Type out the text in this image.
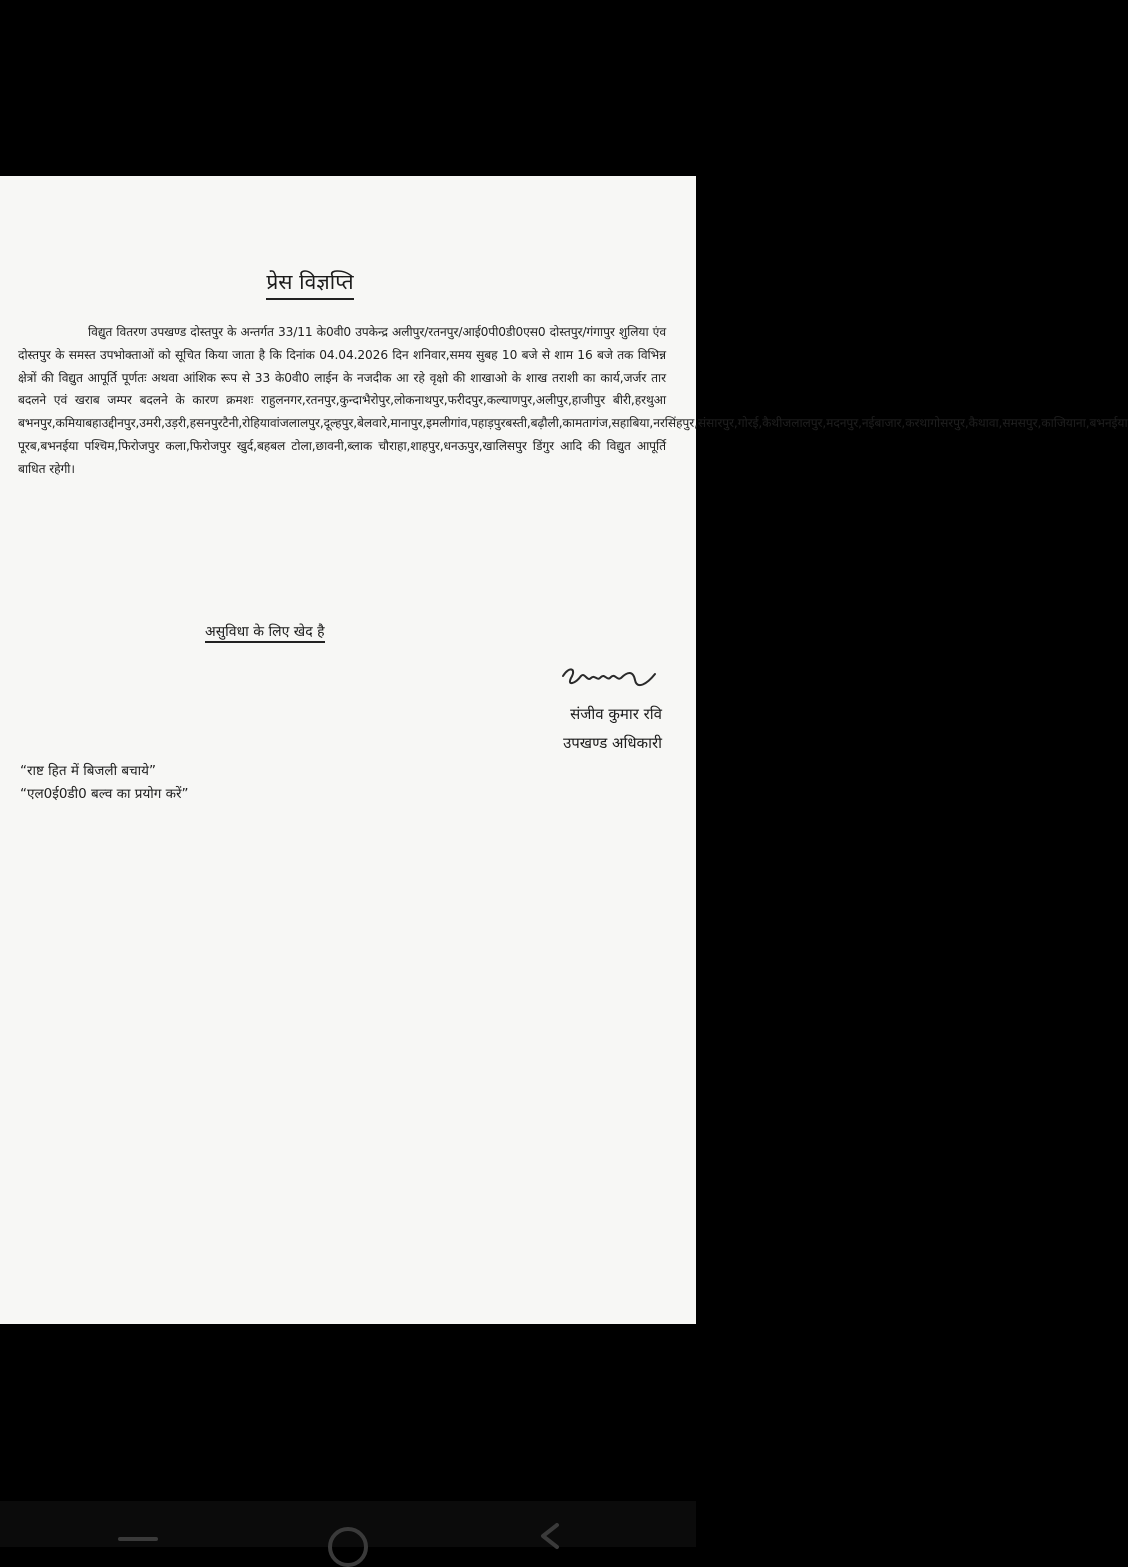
प्रेस विज्ञप्ति
विद्युत वितरण उपखण्ड दोस्तपुर के अन्तर्गत 33/11 के0वी0 उपकेन्द्र अलीपुर/रतनपुर/आई0पी0डी0एस0 दोस्तपुर/गंगापुर शुलिया एंव दोस्तपुर के समस्त उपभोक्ताओं को सूचित किया जाता है कि दिनांक 04.04.2026 दिन शनिवार,समय सुबह 10 बजे से शाम 16 बजे तक विभिन्न क्षेत्रों की विद्युत आपूर्ति पूर्णतः अथवा आंशिक रूप से 33 के0वी0 लाईन के नजदीक आ रहे वृक्षो की शाखाओ के शाख तराशी का कार्य,जर्जर तार बदलने एवं खराब जम्पर बदलने के कारण क्रमशः राहुलनगर,रतनपुर,कुन्दाभैरोपुर,लोकनाथपुर,फरीदपुर,कल्याणपुर,अलीपुर,हाजीपुर बीरी,हरथुआ बभनपुर,कमियाबहाउद्दीनपुर,उमरी,उड़री,हसनपुरटैनी,रोहियावांजलालपुर,दूल्हपुर,बेलवारे,मानापुर,इमलीगांव,पहाड़पुरबस्ती,बढ़ौली,कामतागंज,सहाबिया,नरसिंहपुर,संसारपुर,गोरई,कैथीजलालपुर,मदनपुर,नईबाजार,करथागोसरपुर,कैथावा,समसपुर,काजियाना,बभनईया पूरब,बभनईया पश्चिम,फिरोजपुर कला,फिरोजपुर खुर्द,बहबल टोला,छावनी,ब्लाक चौराहा,शाहपुर,धनऊपुर,खालिसपुर डिंगुर आदि की विद्युत आपूर्ति बाधित रहेगी।
असुविधा के लिए खेद है
संजीव कुमार रवि
उपखण्ड अधिकारी
“राष्ट हित में बिजली बचाये”
“एल0ई0डी0 बल्व का प्रयोग करें”
